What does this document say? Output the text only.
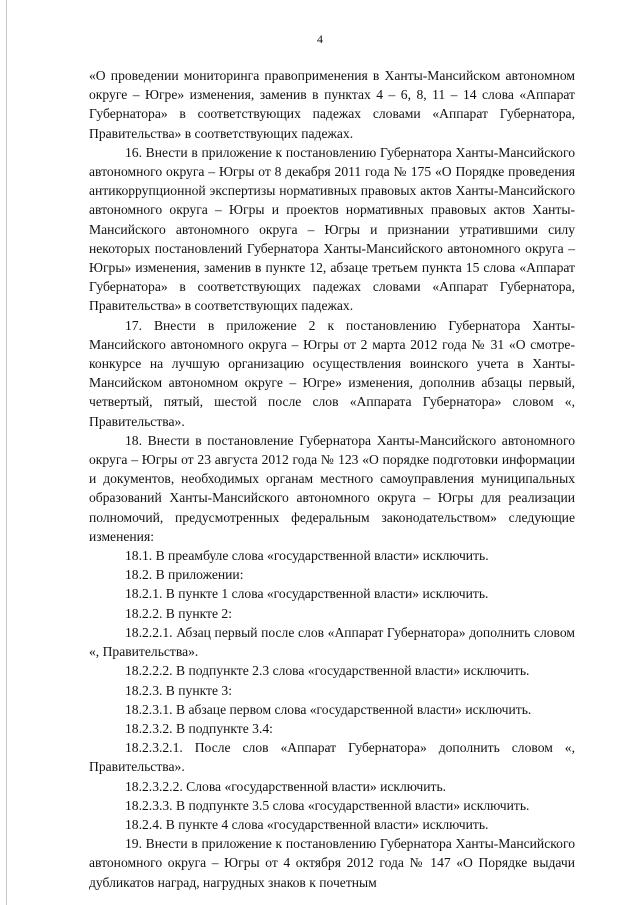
4

«О проведении мониторинга правоприменения в Ханты-Мансийском автономном округе – Югре» изменения, заменив в пунктах 4 – 6, 8, 11 – 14 слова «Аппарат Губернатора» в соответствующих падежах словами «Аппарат Губернатора, Правительства» в соответствующих падежах.

16. Внести в приложение к постановлению Губернатора Ханты-Мансийского автономного округа – Югры от 8 декабря 2011 года № 175 «О Порядке проведения антикоррупционной экспертизы нормативных правовых актов Ханты-Мансийского автономного округа – Югры и проектов нормативных правовых актов Ханты-Мансийского автономного округа – Югры и признании утратившими силу некоторых постановлений Губернатора Ханты-Мансийского автономного округа – Югры» изменения, заменив в пункте 12, абзаце третьем пункта 15 слова «Аппарат Губернатора» в соответствующих падежах словами «Аппарат Губернатора, Правительства» в соответствующих падежах.

17. Внести в приложение 2 к постановлению Губернатора Ханты-Мансийского автономного округа – Югры от 2 марта 2012 года № 31 «О смотре-конкурсе на лучшую организацию осуществления воинского учета в Ханты-Мансийском автономном округе – Югре» изменения, дополнив абзацы первый, четвертый, пятый, шестой после слов «Аппарата Губернатора» словом «, Правительства».

18. Внести в постановление Губернатора Ханты-Мансийского автономного округа – Югры от 23 августа 2012 года № 123 «О порядке подготовки информации и документов, необходимых органам местного самоуправления муниципальных образований Ханты-Мансийского автономного округа – Югры для реализации полномочий, предусмотренных федеральным законодательством» следующие изменения:

18.1. В преамбуле слова «государственной власти» исключить.

18.2. В приложении:

18.2.1. В пункте 1 слова «государственной власти» исключить.

18.2.2. В пункте 2:

18.2.2.1. Абзац первый после слов «Аппарат Губернатора» дополнить словом «, Правительства».

18.2.2.2. В подпункте 2.3 слова «государственной власти» исключить.

18.2.3. В пункте 3:

18.2.3.1. В абзаце первом слова «государственной власти» исключить.

18.2.3.2. В подпункте 3.4:

18.2.3.2.1. После слов «Аппарат Губернатора» дополнить словом «, Правительства».

18.2.3.2.2. Слова «государственной власти» исключить.

18.2.3.3. В подпункте 3.5 слова «государственной власти» исключить.

18.2.4. В пункте 4 слова «государственной власти» исключить.

19. Внести в приложение к постановлению Губернатора Ханты-Мансийского автономного округа – Югры от 4 октября 2012 года № 147 «О Порядке выдачи дубликатов наград, нагрудных знаков к почетным
